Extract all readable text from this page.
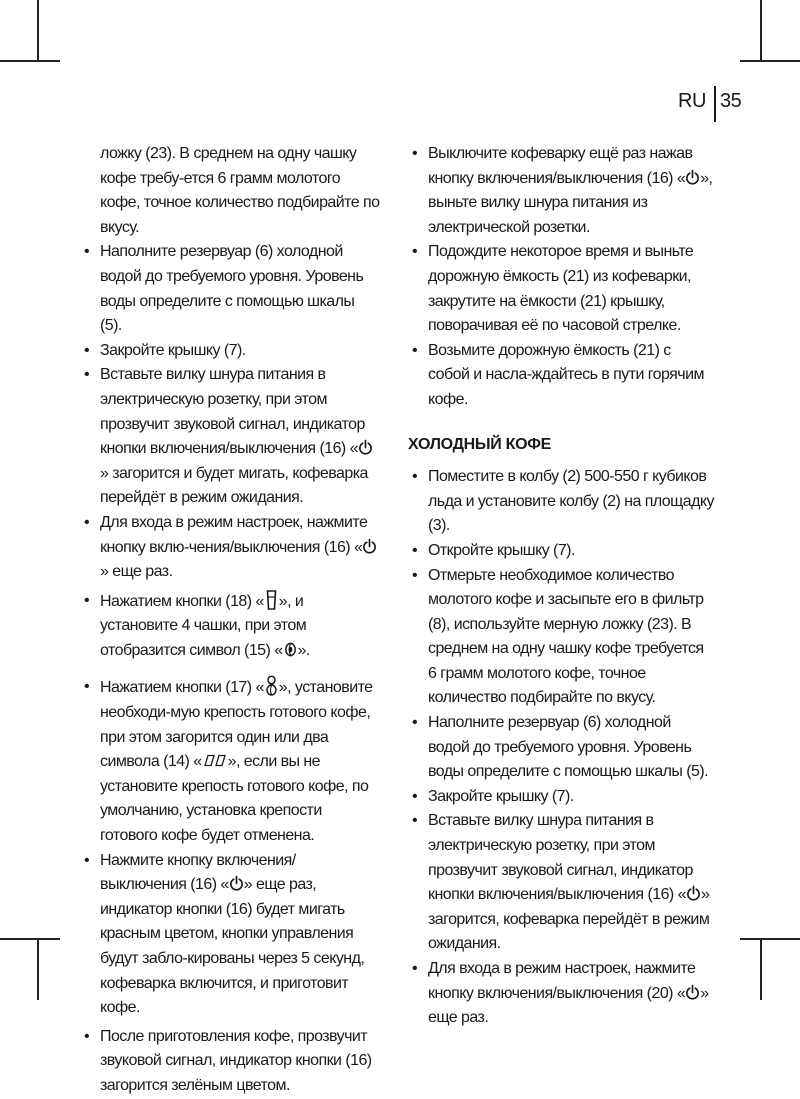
RU 35

ложку (23). В среднем на одну чашку кофе требу-ется 6 грамм молотого кофе, точное количество подбирайте по вкусу.

• Наполните резервуар (6) холодной водой до требуемого уровня. Уровень воды определите с помощью шкалы (5).

• Закройте крышку (7).

• Вставьте вилку шнура питания в электрическую розетку, при этом прозвучит звуковой сигнал, индикатор кнопки включения/выключения (16) «» загорится и будет мигать, кофеварка перейдёт в режим ожидания.

• Для входа в режим настроек, нажмите кнопку вклю-чения/выключения (16) «» еще раз.

• Нажатием кнопки (18) « », и установите 4 чашки, при этом отобразится символ (15) « ».

• Нажатием кнопки (17) « », установите необходи-мую крепость готового кофе, при этом загорится один или два символа (14) « », если вы не установите крепость готового кофе, по умолчанию, установка крепости готового кофе будет отменена.

• Нажмите кнопку включения/выключения (16) « » еще раз, индикатор кнопки (16) будет мигать красным цветом, кнопки управления будут забло-кированы через 5 секунд, кофеварка включится, и приготовит кофе.

• После приготовления кофе, прозвучит звуковой сигнал, индикатор кнопки (16) загорится зелёным цветом.

• Выключите кофеварку ещё раз нажав кнопку включения/выключения (16) « », выньте вилку шнура питания из электрической розетки.

• Подождите некоторое время и выньте дорожную ёмкость (21) из кофеварки, закрутите на ёмкости (21) крышку, поворачивая её по часовой стрелке.

• Возьмите дорожную ёмкость (21) с собой и насла-ждайтесь в пути горячим кофе.

ХОЛОДНЫЙ КОФЕ

• Поместите в колбу (2) 500-550 г кубиков льда и установите колбу (2) на площадку (3).

• Откройте крышку (7).

• Отмерьте необходимое количество молотого кофе и засыпьте его в фильтр (8), используйте мерную ложку (23). В среднем на одну чашку кофе требуется 6 грамм молотого кофе, точное количество подбирайте по вкусу.

• Наполните резервуар (6) холодной водой до требуемого уровня. Уровень воды определите с помощью шкалы (5).

• Закройте крышку (7).

• Вставьте вилку шнура питания в электрическую розетку, при этом прозвучит звуковой сигнал, индикатор кнопки включения/выключения (16) « » загорится, кофеварка перейдёт в режим ожидания.

• Для входа в режим настроек, нажмите кнопку включения/выключения (20) « » еще раз.
